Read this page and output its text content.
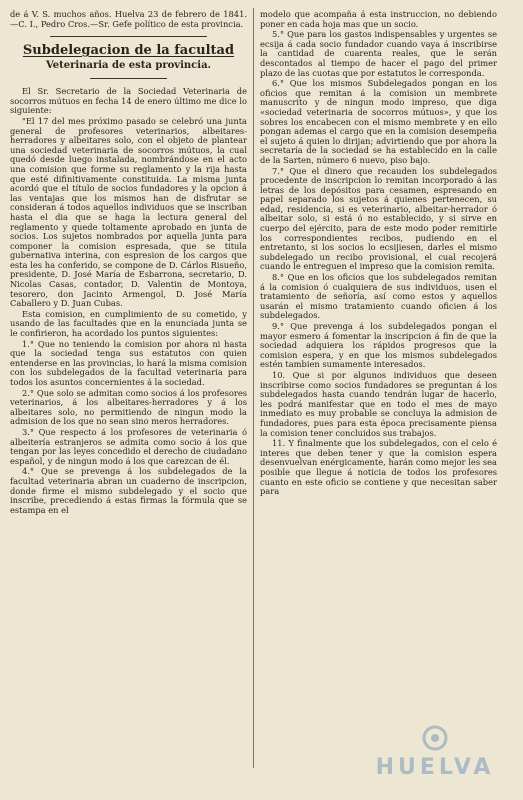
de á V. S. muchos años. Huelva 23 de febrero de 1841.—C. I., Pedro Cros.—Sr. Gefe político de esta provincia.

Subdelegacion de la facultad
Veterinaria de esta provincia.

El Sr. Secretario de la Sociedad Veterinaria de socorros mútuos en fecha 14 de enero último me dice lo siguiente:

"El 17 del mes próximo pasado se celebró una junta general de profesores veterinarios, albeitares-herradores y albeitares solo, con el objeto de plantear una sociedad veterinaria de socorros mútuos, la cual quedó desde luego instalada, nombrándose en el acto una comision que forme su reglamento y la rija hasta que esté difinitivamente constituida. La misma junta acordó que el título de socios fundadores y la opcion á las ventajas que los mismos han de disfrutar se consideran á todos aquellos individuos que se inscriban hasta el dia que se haga la lectura general del reglamento y quede toltamente aprobado en junta de socios. Los sujetos nombrados por aquella junta para componer la comision espresada, que se titula gubernativa interina, con espresion de los cargos que esta les ha conferido, se compone de D. Cárlos Risueño, presidente, D. José María de Esbarrona, secretario, D. Nicolas Casas, contador, D. Valentin de Montoya, tesorero, don Jacinto Armengol, D. José María Caballero y D. Juan Cubas.

Esta comision, en cumplimiento de su cometido, y usando de las facultades que en la enunciada junta se le confirieron, ha acordado los puntos siguientes:

1.° Que no teniendo la comision por ahora ni hasta que la sociedad tenga sus estatutos con quien entenderse en las provincias, lo hará la misma comision con los subdelegados de la facultad veterinaria para todos los asuntos concernientes á la sociedad.

2.° Que solo se admitan como socios á los profesores veterinarios, á los albeitares-herradores y á los albeitares solo, no permitiendo de ningun modo la admision de los que no sean sino meros herradores.

3.° Que respecto á los profesores de veterinaria ó albeitería estranjeros se admita como socio á los que tengan por las leyes concedido el derecho de ciudadano español, y de ningun modo á los que carezcan de él.

4.° Que se prevenga á los subdelegados de la facultad veterinaria abran un cuaderno de inscripcion, donde firme el mismo subdelegado y el socio que inscribe, precediendo á estas firmas la fórmula que se estampa en el

modelo que acompaña á esta instruccion, no debiendo poner en cada hoja mas que un socio.

5.° Que para los gastos indispensables y urgentes se ecsija á cada socio fundador cuando vaya á inscribirse la cantidad de cuarenta reales, que le serán descontados al tiempo de hacer el pago del primer plazo de las cuotas que por estatutos le corresponda.

6.° Que los mismos Subdelegados pongan en los oficios que remitan á la comision un membrete manuscrito y de ningun modo impreso, que diga «sociedad veterinaria de socorros mútuos», y que los sobres los encabecen con el mismo membrete y en ello pongan ademas el cargo que en la comision desempeña el sujeto á quien lo dirijan; advirtiendo que por ahora la secretaría de la sociedad se ha establecido en la calle de la Sarten, número 6 nuevo, piso bajo.

7.° Que el dinero que recauden los subdelegados procedente de inscripcion lo remitan incorporado á las letras de los depósitos para cesamen, espresando en papel separado los sujetos á quienes pertenecen, su edad, residencia, si es veterinario, albeitar-herrador ó albeitar solo, si está ó no establecido, y si sirve en cuerpo del ejército, para de este modo poder remitirle los correspondientes recibos, pudiendo en el entretanto, si los socios lo ecsijiesen, darles el mismo subdelegado un recibo provisional, el cual recojerá cuando le entreguen el impreso que la comision remita.

8.° Que en los oficios que los subdelegados remitan á la comision ó cualquiera de sus individuos, usen el tratamiento de señoría, así como estos y aquellos usarán el mismo tratamiento cuando oficien á los subdelegados.

9.° Que prevenga á los subdelegados pongan el mayor esmero á fomentar la inscripcion á fin de que la sociedad adquiera los rápidos progresos que la comision espera, y en que los mismos subdelegados estén tambien sumamente interesados.

10. Que si por algunos individuos que deseen inscribirse como socios fundadores se preguntan á los subdelegados hasta cuando tendrán lugar de hacerlo, les podrá manifestar que en todo el mes de mayo inmediato es muy probable se concluya la admision de fundadores, pues para esta época precisamente piensa la comision tener concluidos sus trabajos.

11. Y finalmente que los subdelegados, con el celo é interes que deben tener y que la comision espera desenvuelvan enérgicamente, harán como mejor les sea posible que llegue á noticia de todos los profesores cuanto en este oficio se contiene y que necesitan saber para

HUELVA
